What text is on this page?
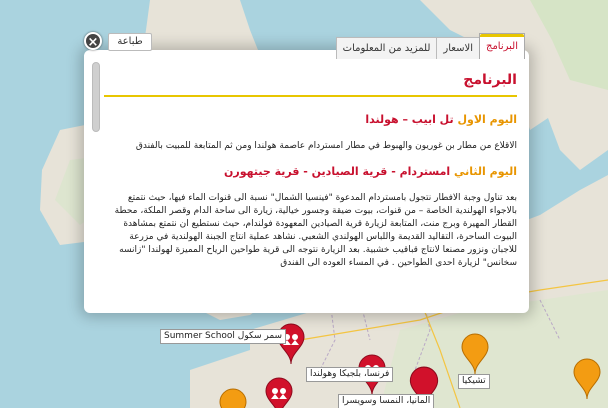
سمر سكول Summer School
فرنسا، بلجيكا وهولندا
تشيكيا
المانيا، النمسا وسويسرا
البرنامج
اليوم الاول تل ابيب – هولندا

الاقلاع من مطار بن غوريون والهبوط في مطار امستردام عاصمة هولندا ومن ثم المتابعة للمبيت بالفندق

اليوم الثاني امستردام - قرية الصيادين - قرية جيتهورن

بعد تناول وجبة الافطار نتجول بامستردام المدعوة "فينسيا الشمال" نسبة الى قنوات الماء فيها، حيث نتمتع بالاجواء الهولندية الخاصة – من قنوات، بيوت ضيقة وجسور خيالية، زيارة الى ساحة الدام وقصر الملكة، محطة القطار المهيرة وبرج منت، المتابعة لزيارة قرية الصيادين المعهودة فولندام، حيث نستطيع ان نتمتع بمشاهدة البيوت الساحرة، التقاليد القديمة واللباس الهولندي الشعبي. نشاهد عملية انتاج الجبنة الهولندية في مزرعة للاجبان ونزور مصنعا لانتاج قباقيب خشبية. بعد الزيارة نتوجه الى قرية طواحين الرياح المميزة لهولندا "زانسه سخانس" لزيارة احدى الطواحين . في المساء العوده الى الفندق

البرنامج
الاسعار
للمزيد من المعلومات
×	طباعة
